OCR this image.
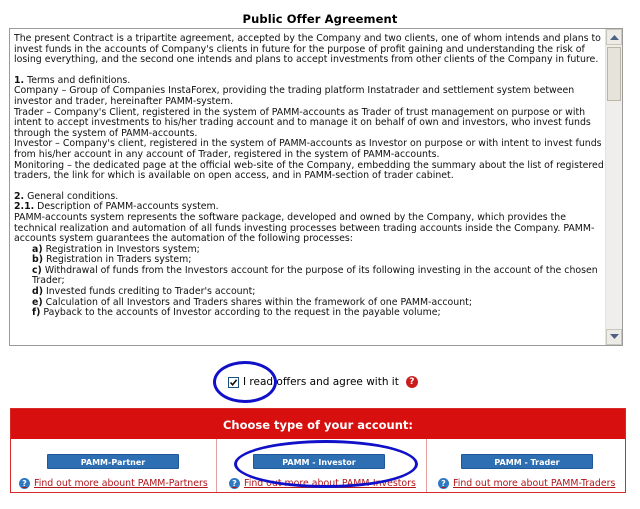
Public Offer Agreement

The present Contract is a tripartite agreement, accepted by the Company and two clients, one of whom intends and plans to invest funds in the accounts of Company's clients in future for the purpose of profit gaining and understanding the risk of losing everything, and the second one intends and plans to accept investments from other clients of the Company in future.

1. Terms and definitions.

Company – Group of Companies InstaForex, providing the trading platform Instatrader and settlement system between investor and trader, hereinafter PAMM-system.

Trader – Company's Client, registered in the system of PAMM-accounts as Trader of trust management on purpose or with intent to accept investments to his/her trading account and to manage it on behalf of own and investors, who invest funds through the system of PAMM-accounts.

Investor – Company's client, registered in the system of PAMM-accounts as Investor on purpose or with intent to invest funds from his/her account in any account of Trader, registered in the system of PAMM-accounts.

Monitoring – the dedicated page at the official web-site of the Company, embedding the summary about the list of registered traders, the link for which is available on open access, and in PAMM-section of trader cabinet.

2. General conditions.

2.1. Description of PAMM-accounts system.

PAMM-accounts system represents the software package, developed and owned by the Company, which provides the technical realization and automation of all funds investing processes between trading accounts inside the Company. PAMM-accounts system guarantees the automation of the following processes:

a) Registration in Investors system;

b) Registration in Traders system;

c) Withdrawal of funds from the Investors account for the purpose of its following investing in the account of the chosen Trader;

d) Invested funds crediting to Trader's account;

e) Calculation of all Investors and Traders shares within the framework of one PAMM-account;

f) Payback to the accounts of Investor according to the request in the payable volume;

I read offers and agree with it	?
Choose type of your account:
PAMM-Partner
? Find out more abount PAMM-Partners
PAMM - Investor
? Find out more about PAMM-Investors
PAMM - Trader
? Find out more about PAMM-Traders
